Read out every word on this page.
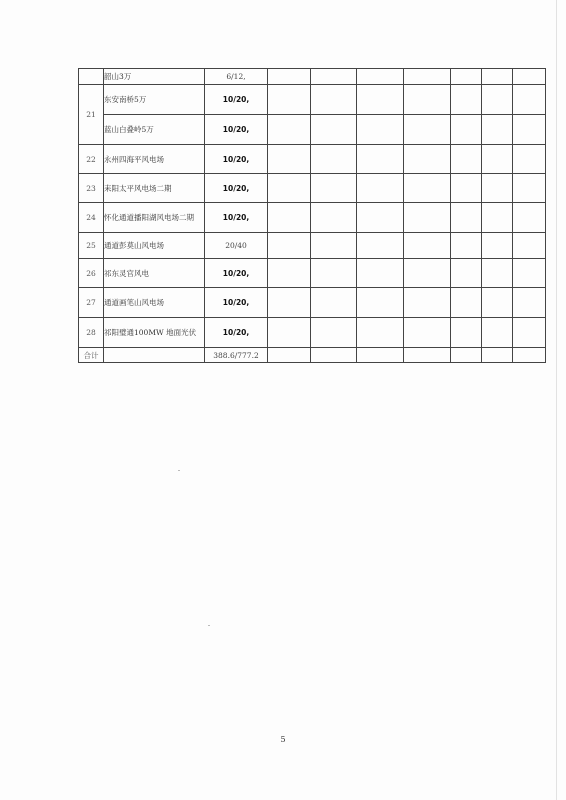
	韶山3万	6/12,							
21	东安南桥5万	10/20,							
	蓝山白叠岭5万	10/20,							
22	永州四海平风电场	10/20,							
23	耒阳太平风电场二期	10/20,							
24	怀化通道播阳湖风电场二期	10/20,							
25	通道彭莫山风电场	20/40							
26	祁东灵官风电	10/20,							
27	通道画笔山风电场	10/20,							
28	祁阳璧通100MW 地面光伏	10/20,							
合计		388.6/777.2							
5
